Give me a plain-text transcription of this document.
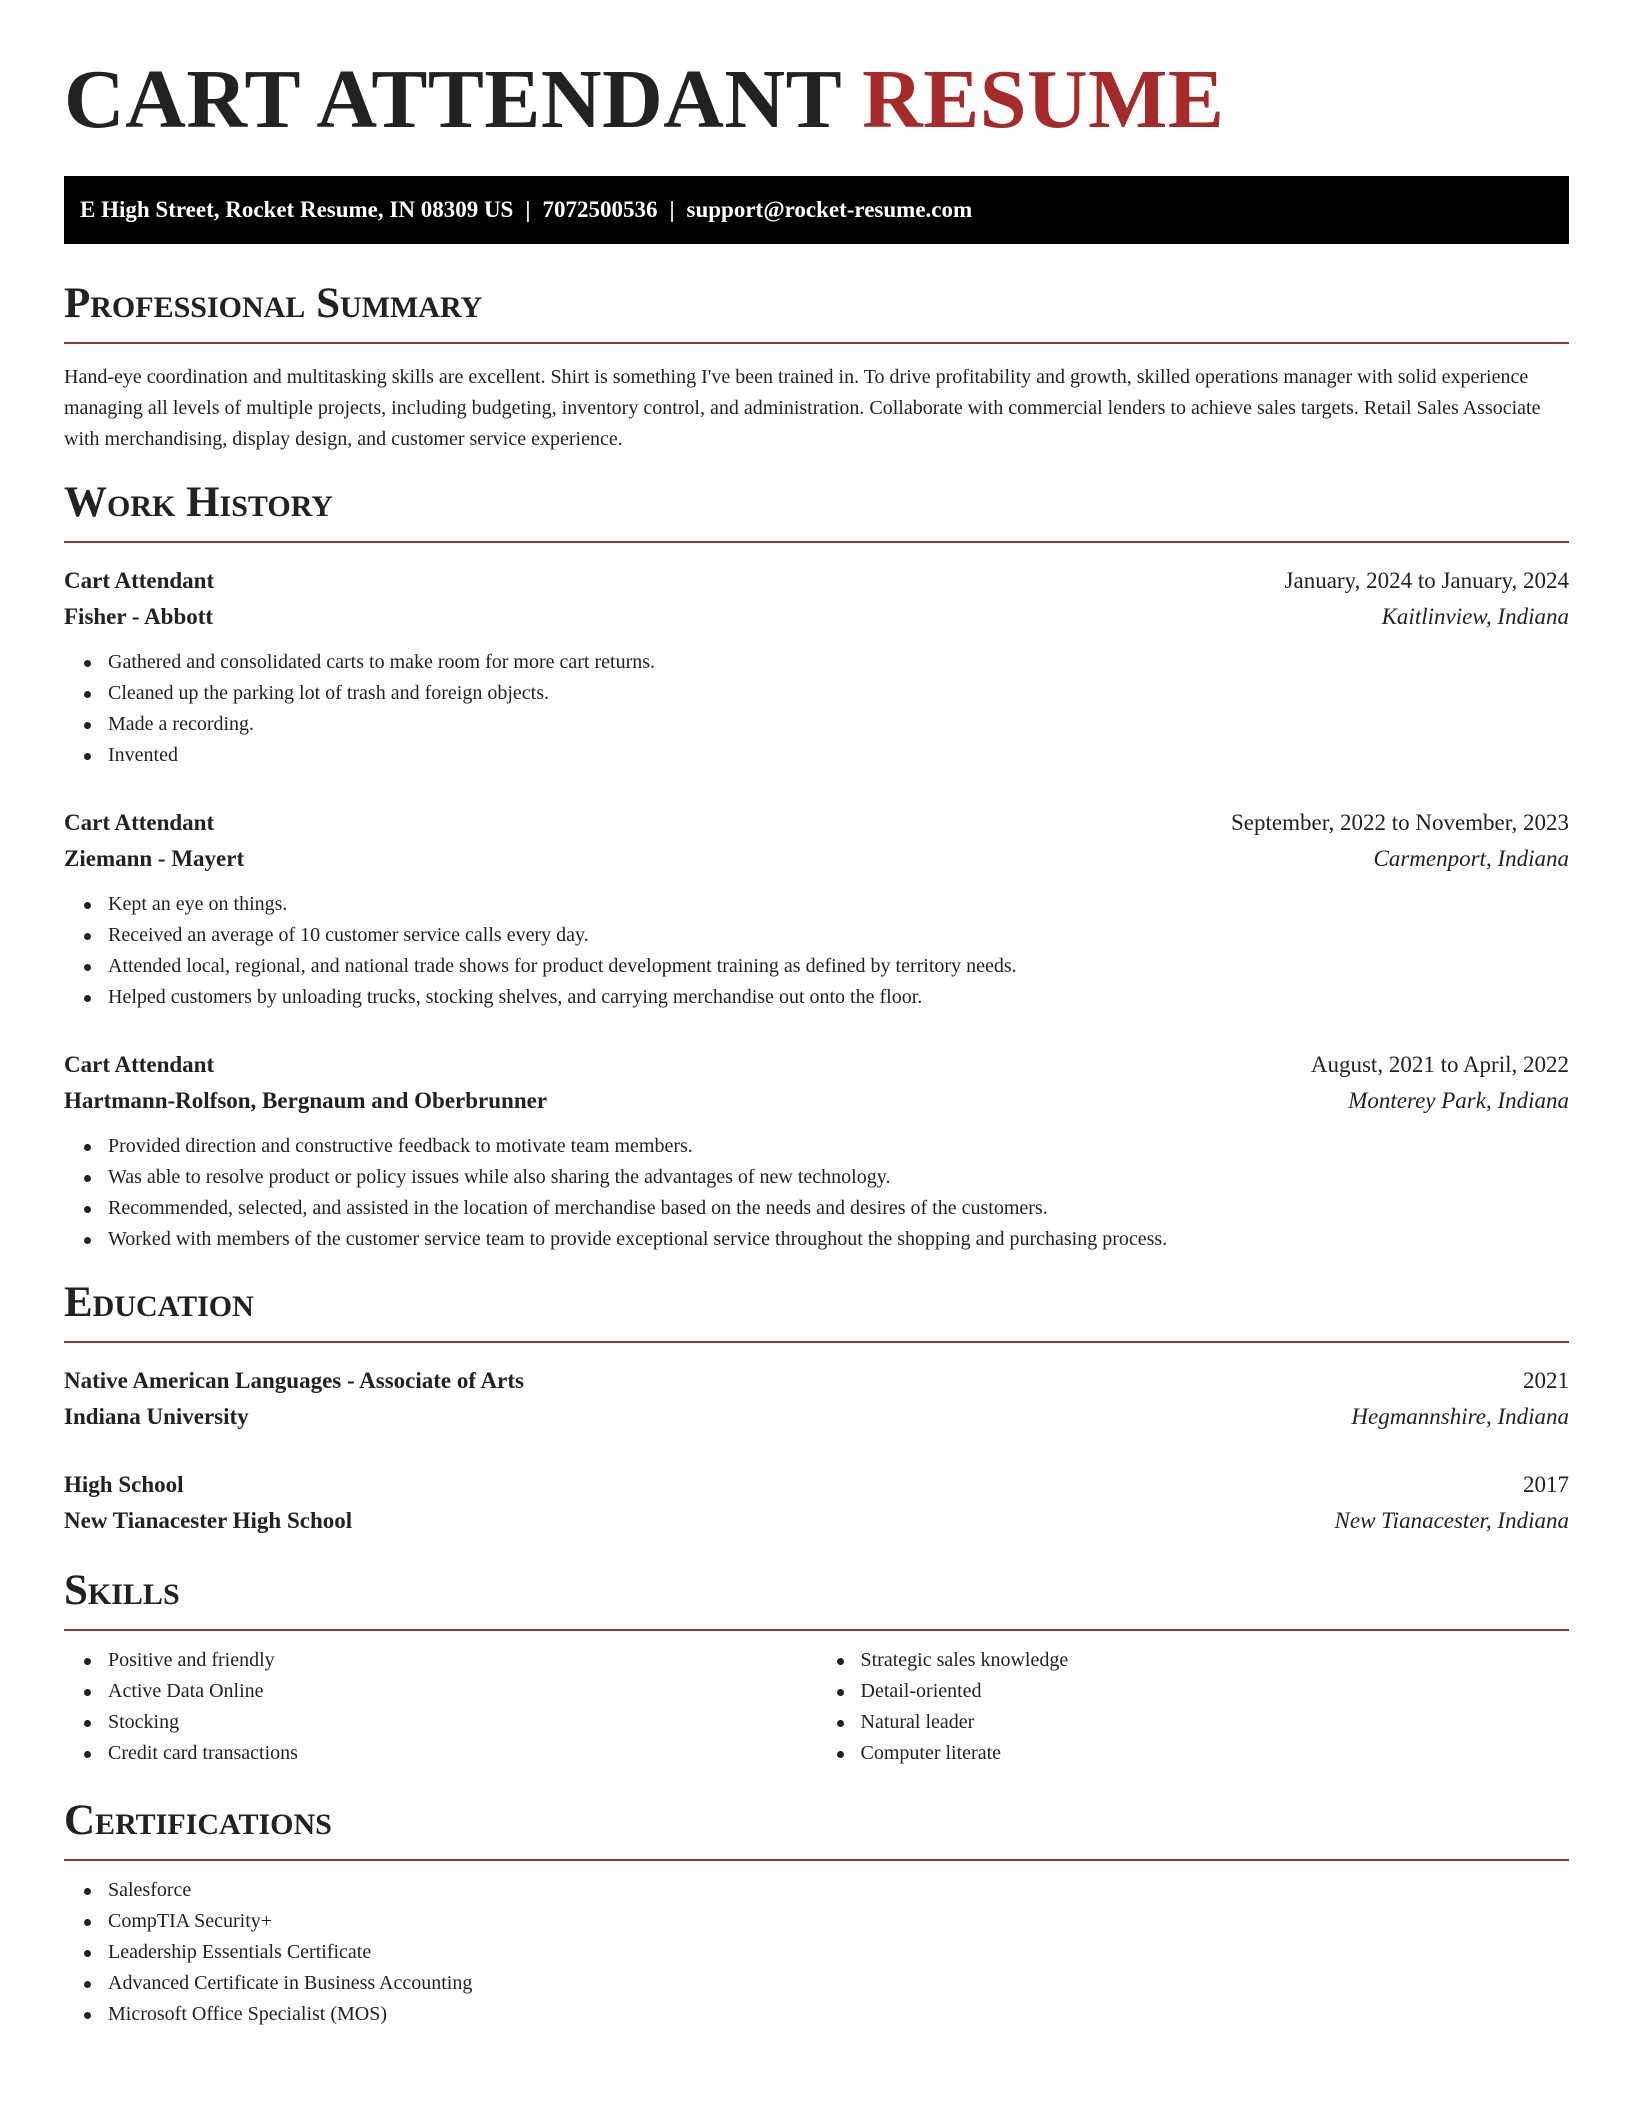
CART ATTENDANT RESUME
E High Street, Rocket Resume, IN 08309 US | 7072500536 | support@rocket-resume.com
Professional Summary

Hand-eye coordination and multitasking skills are excellent. Shirt is something I've been trained in. To drive profitability and growth, skilled operations manager with solid experience managing all levels of multiple projects, including budgeting, inventory control, and administration. Collaborate with commercial lenders to achieve sales targets. Retail Sales Associate with merchandising, display design, and customer service experience.

Work History
Cart Attendant	January, 2024 to January, 2024
Fisher - Abbott	Kaitlinview, Indiana
Gathered and consolidated carts to make room for more cart returns.
Cleaned up the parking lot of trash and foreign objects.
Made a recording.
Invented
Cart Attendant	September, 2022 to November, 2023
Ziemann - Mayert	Carmenport, Indiana
Kept an eye on things.
Received an average of 10 customer service calls every day.
Attended local, regional, and national trade shows for product development training as defined by territory needs.
Helped customers by unloading trucks, stocking shelves, and carrying merchandise out onto the floor.
Cart Attendant	August, 2021 to April, 2022
Hartmann-Rolfson, Bergnaum and Oberbrunner	Monterey Park, Indiana
Provided direction and constructive feedback to motivate team members.
Was able to resolve product or policy issues while also sharing the advantages of new technology.
Recommended, selected, and assisted in the location of merchandise based on the needs and desires of the customers.
Worked with members of the customer service team to provide exceptional service throughout the shopping and purchasing process.
Education
Native American Languages - Associate of Arts	2021
Indiana University	Hegmannshire, Indiana
High School	2017
New Tianacester High School	New Tianacester, Indiana
Skills
Positive and friendly
Active Data Online
Stocking
Credit card transactions
Strategic sales knowledge
Detail-oriented
Natural leader
Computer literate
Certifications
Salesforce
CompTIA Security+
Leadership Essentials Certificate
Advanced Certificate in Business Accounting
Microsoft Office Specialist (MOS)
